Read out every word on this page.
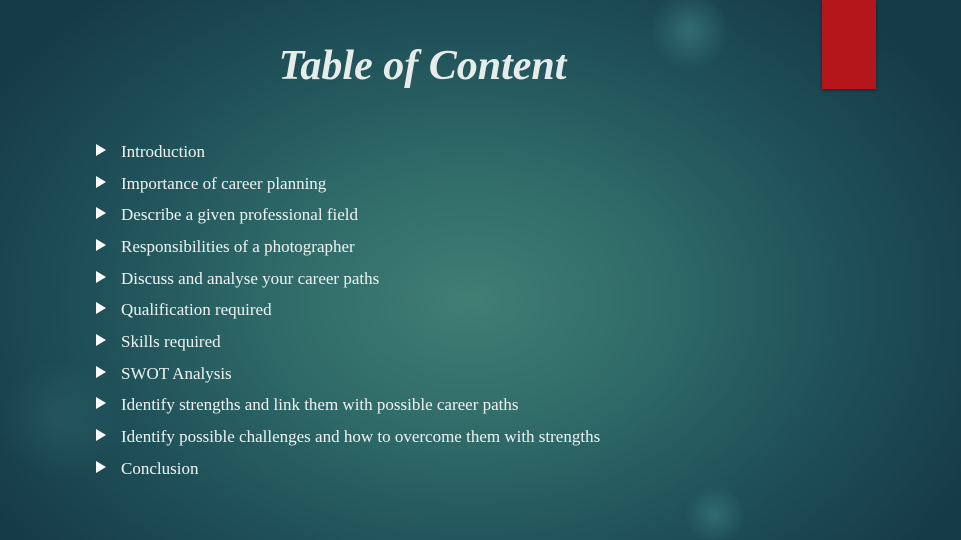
Table of Content
Introduction
Importance of career planning
Describe a given professional field
Responsibilities of a photographer
Discuss and analyse your career paths
Qualification required
Skills required
SWOT Analysis
Identify strengths and link them with possible career paths
Identify possible challenges and how to overcome them with strengths
Conclusion
